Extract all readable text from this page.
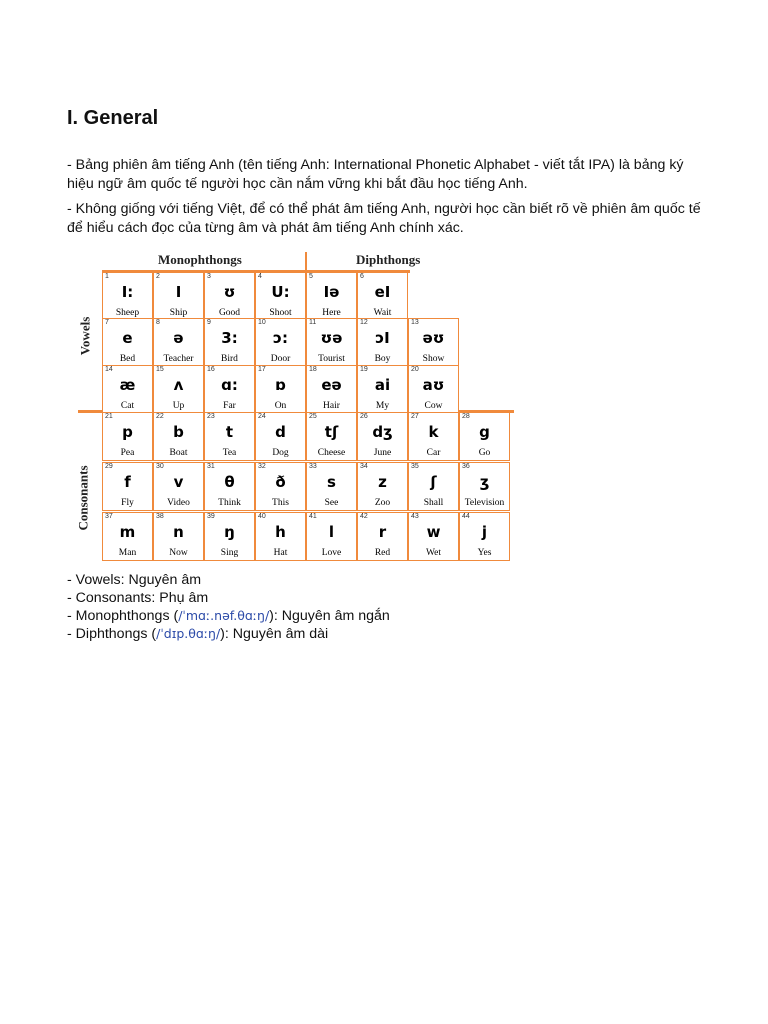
I. General

- Bảng phiên âm tiếng Anh (tên tiếng Anh: International Phonetic Alphabet - viết tắt IPA) là bảng ký hiệu ngữ âm quốc tế người học cần nắm vững khi bắt đầu học tiếng Anh.

- Không giống với tiếng Việt, để có thể phát âm tiếng Anh, người học cần biết rõ về phiên âm quốc tế để hiểu cách đọc của từng âm và phát âm tiếng Anh chính xác.

Monophthongs	Diphthongs
Vowels
Consonants
1
I:
Sheep
2
I
Ship
3
ʊ
Good
4
U:
Shoot
5
Iə
Here
6
eI
Wait
7
e
Bed
8
ə
Teacher
9
3:
Bird
10
ɔ:
Door
11
ʊə
Tourist
12
ɔI
Boy
13
əʊ
Show
14
æ
Cat
15
ʌ
Up
16
ɑ:
Far
17
ɒ
On
18
eə
Hair
19
ai
My
20
aʊ
Cow
21
p
Pea
22
b
Boat
23
t
Tea
24
d
Dog
25
tʃ
Cheese
26
dʒ
June
27
k
Car
28
g
Go
29
f
Fly
30
v
Video
31
θ
Think
32
ð
This
33
s
See
34
z
Zoo
35
ʃ
Shall
36
ʒ
Television
37
m
Man
38
n
Now
39
ŋ
Sing
40
h
Hat
41
l
Love
42
r
Red
43
w
Wet
44
j
Yes
- Vowels: Nguyên âm
- Consonants: Phụ âm
- Monophthongs (/ˈmɑː.nəf.θɑːŋ/): Nguyên âm ngắn
- Diphthongs (/ˈdɪp.θɑːŋ/): Nguyên âm dài
